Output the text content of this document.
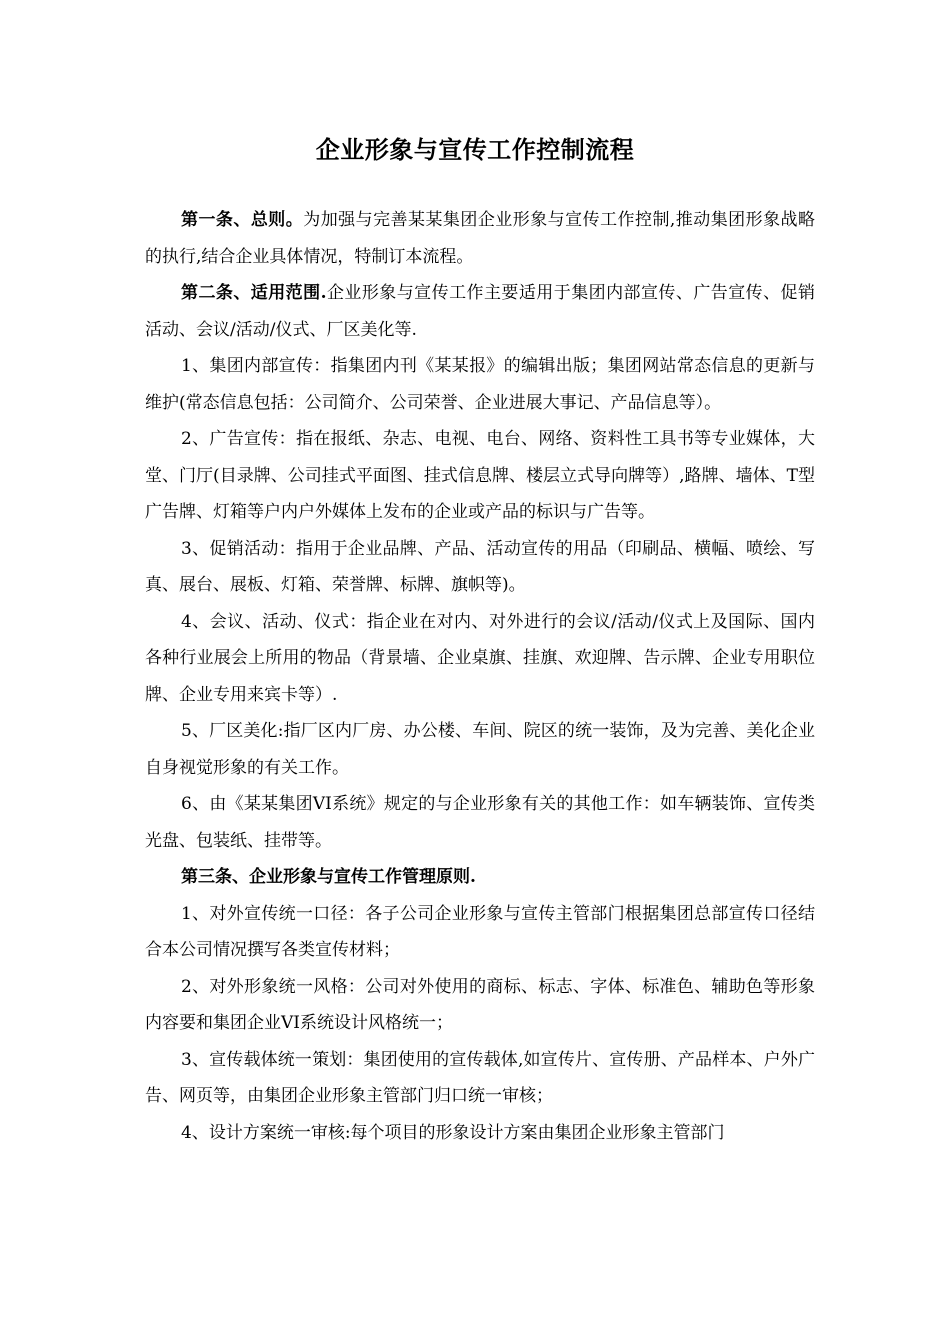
企业形象与宣传工作控制流程

第一条、总则。为加强与完善某某集团企业形象与宣传工作控制,推动集团形象战略的执行,结合企业具体情况，特制订本流程。

第二条、适用范围.企业形象与宣传工作主要适用于集团内部宣传、广告宣传、促销活动、会议/活动/仪式、厂区美化等.

1、集团内部宣传：指集团内刊《某某报》的编辑出版；集团网站常态信息的更新与维护(常态信息包括：公司简介、公司荣誉、企业进展大事记、产品信息等）。

2、广告宣传：指在报纸、杂志、电视、电台、网络、资料性工具书等专业媒体，大堂、门厅(目录牌、公司挂式平面图、挂式信息牌、楼层立式导向牌等）,路牌、墙体、T型广告牌、灯箱等户内户外媒体上发布的企业或产品的标识与广告等。

3、促销活动：指用于企业品牌、产品、活动宣传的用品（印刷品、横幅、喷绘、写真、展台、展板、灯箱、荣誉牌、标牌、旗帜等)。

4、会议、活动、仪式：指企业在对内、对外进行的会议/活动/仪式上及国际、国内各种行业展会上所用的物品（背景墙、企业桌旗、挂旗、欢迎牌、告示牌、企业专用职位牌、企业专用来宾卡等）.

5、厂区美化:指厂区内厂房、办公楼、车间、院区的统一装饰，及为完善、美化企业自身视觉形象的有关工作。

6、由《某某集团VI系统》规定的与企业形象有关的其他工作：如车辆装饰、宣传类光盘、包装纸、挂带等。

第三条、企业形象与宣传工作管理原则.

1、对外宣传统一口径：各子公司企业形象与宣传主管部门根据集团总部宣传口径结合本公司情况撰写各类宣传材料；

2、对外形象统一风格：公司对外使用的商标、标志、字体、标准色、辅助色等形象内容要和集团企业VI系统设计风格统一；

3、宣传载体统一策划：集团使用的宣传载体,如宣传片、宣传册、产品样本、户外广告、网页等，由集团企业形象主管部门归口统一审核；

4、设计方案统一审核:每个项目的形象设计方案由集团企业形象主管部门
